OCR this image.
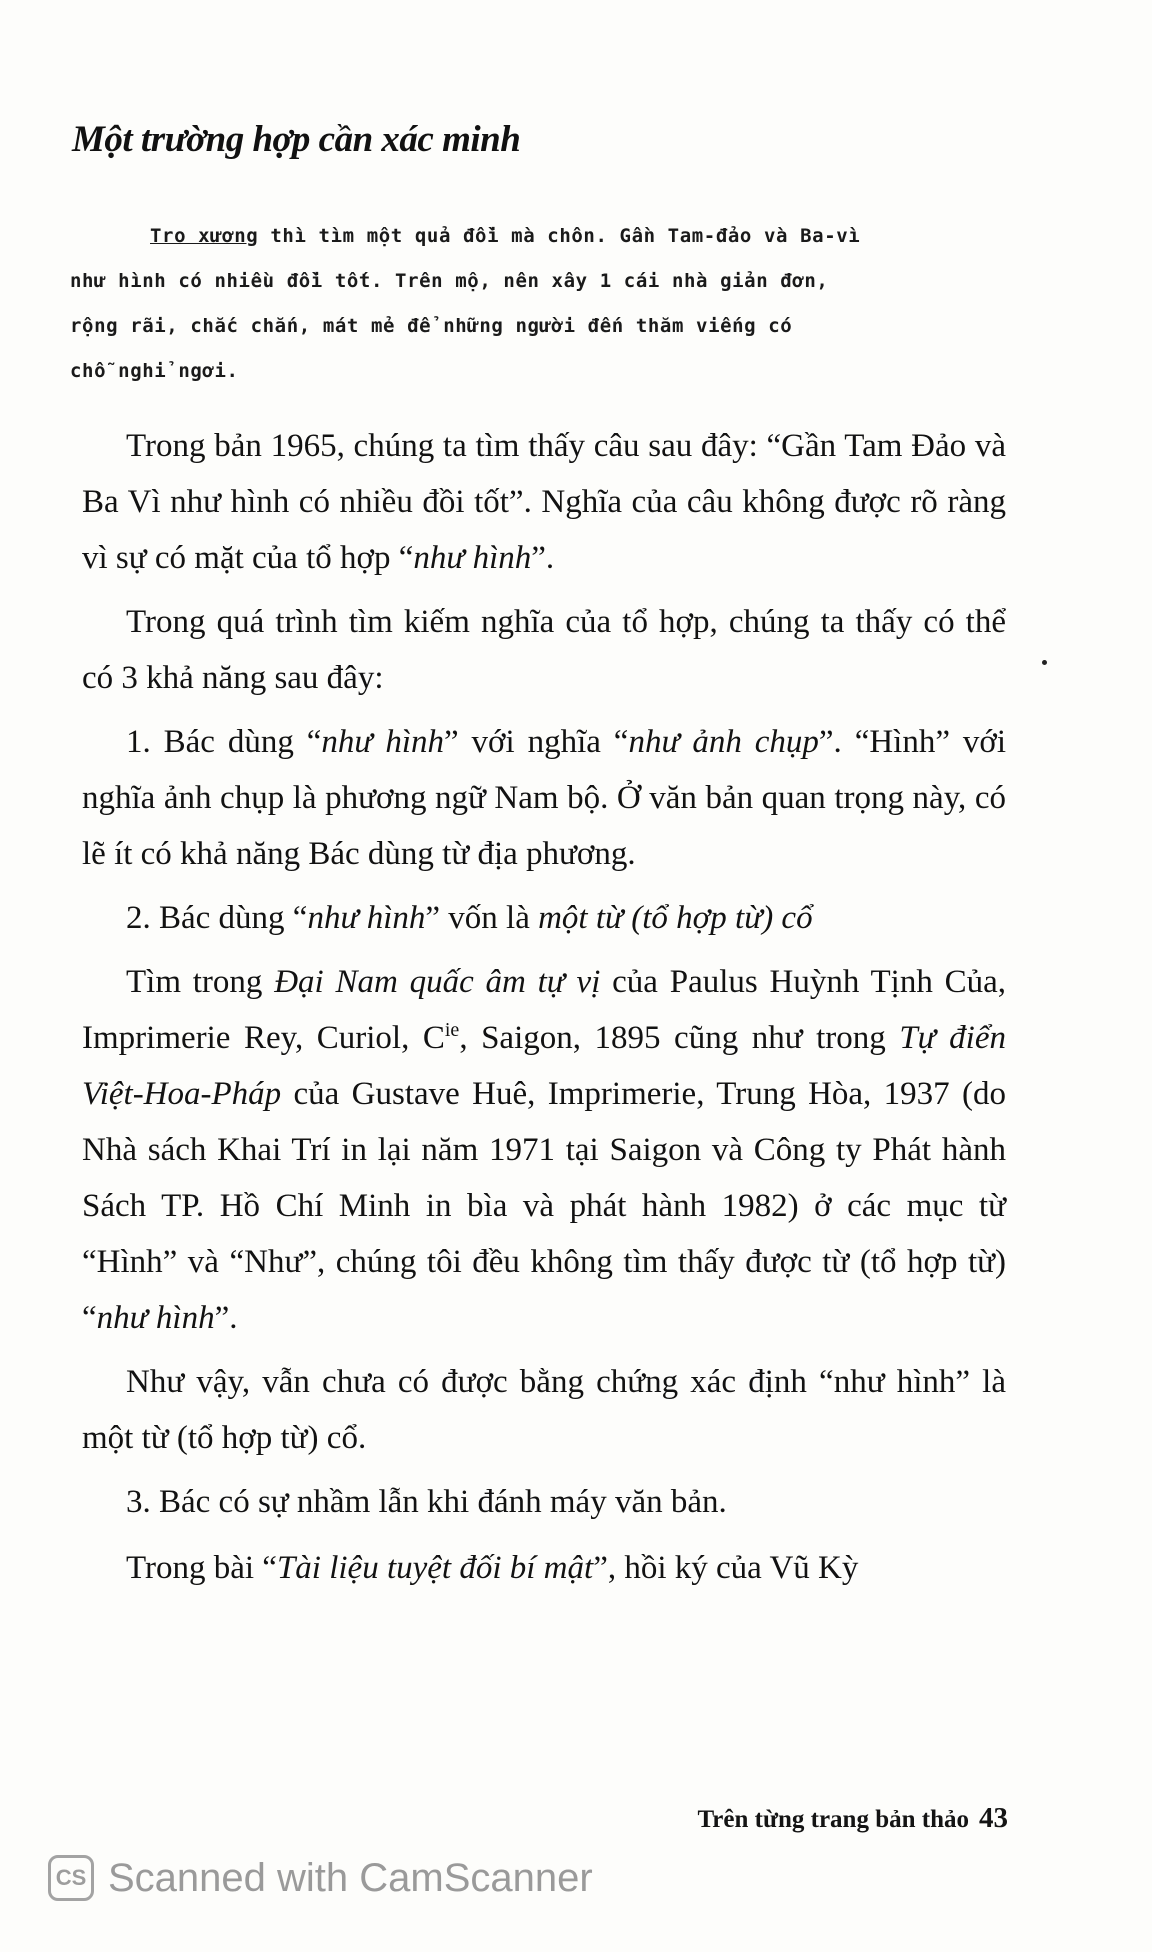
Một trường hợp cần xác minh
Tro xương thì tìm một quả đồi mà chôn. Gần Tam-đảo và Ba-vì
như hình có nhiều đồi tốt. Trên mộ, nên xây 1 cái nhà giản đơn,
rộng rãi, chắc chắn, mát mẻ để những người đến thăm viếng có
chỗ nghỉ ngơi.

Trong bản 1965, chúng ta tìm thấy câu sau đây: “Gần Tam Đảo và Ba Vì như hình có nhiều đồi tốt”. Nghĩa của câu không được rõ ràng vì sự có mặt của tổ hợp “như hình”.

Trong quá trình tìm kiếm nghĩa của tổ hợp, chúng ta thấy có thể có 3 khả năng sau đây:

1. Bác dùng “như hình” với nghĩa “như ảnh chụp”. “Hình” với nghĩa ảnh chụp là phương ngữ Nam bộ. Ở văn bản quan trọng này, có lẽ ít có khả năng Bác dùng từ địa phương.

2. Bác dùng “như hình” vốn là một từ (tổ hợp từ) cổ

Tìm trong Đại Nam quấc âm tự vị của Paulus Huỳnh Tịnh Của, Imprimerie Rey, Curiol, $C^{ie}$, Saigon, 1895 cũng như trong Tự điển Việt-Hoa-Pháp của Gustave Huê, Imprimerie, Trung Hòa, 1937 (do Nhà sách Khai Trí in lại năm 1971 tại Saigon và Công ty Phát hành Sách TP. Hồ Chí Minh in bìa và phát hành 1982) ở các mục từ “Hình” và “Như”, chúng tôi đều không tìm thấy được từ (tổ hợp từ) “như hình”.

Như vậy, vẫn chưa có được bằng chứng xác định “như hình” là một từ (tổ hợp từ) cổ.

3. Bác có sự nhầm lẫn khi đánh máy văn bản.

Trong bài “Tài liệu tuyệt đối bí mật”, hồi ký của Vũ Kỳ

Trên từng trang bản thảo 43
CS Scanned with CamScanner
